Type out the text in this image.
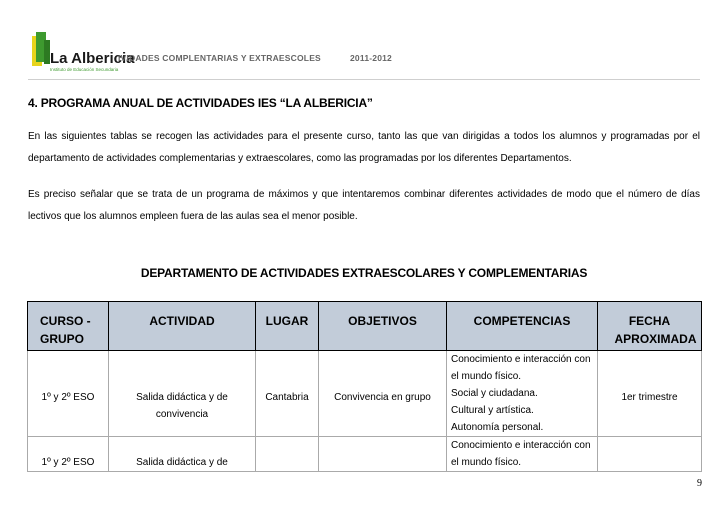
La Albericia
Instituto de Educación Secundaria
IVIDADES COMPLENTARIAS Y EXTRAESCOLES	2011-2012
4. PROGRAMA ANUAL DE ACTIVIDADES IES “LA ALBERICIA”

En las siguientes tablas se recogen las actividades para el presente curso, tanto las que van dirigidas a todos los alumnos y programadas por el departamento de actividades complementarias y extraescolares, como las programadas por los diferentes Departamentos.

Es preciso señalar que se trata de un programa de máximos y que intentaremos combinar diferentes actividades de modo que el número de días lectivos que los alumnos empleen fuera de las aulas sea el menor posible.

DEPARTAMENTO DE ACTIVIDADES EXTRAESCOLARES Y COMPLEMENTARIAS
CURSO - GRUPO	ACTIVIDAD	LUGAR	OBJETIVOS	COMPETENCIAS	FECHA APROXIMADA

1º y 2º ESO	Salida didáctica y de convivencia	Cantabria	Convivencia en grupo	Conocimiento e interacción con
el mundo físico.
Social y ciudadana.
Cultural y artística.
Autonomía personal.	1er trimestre

1º y 2º ESO	Salida didáctica y de			Conocimiento e interacción con
el mundo físico.	

9
